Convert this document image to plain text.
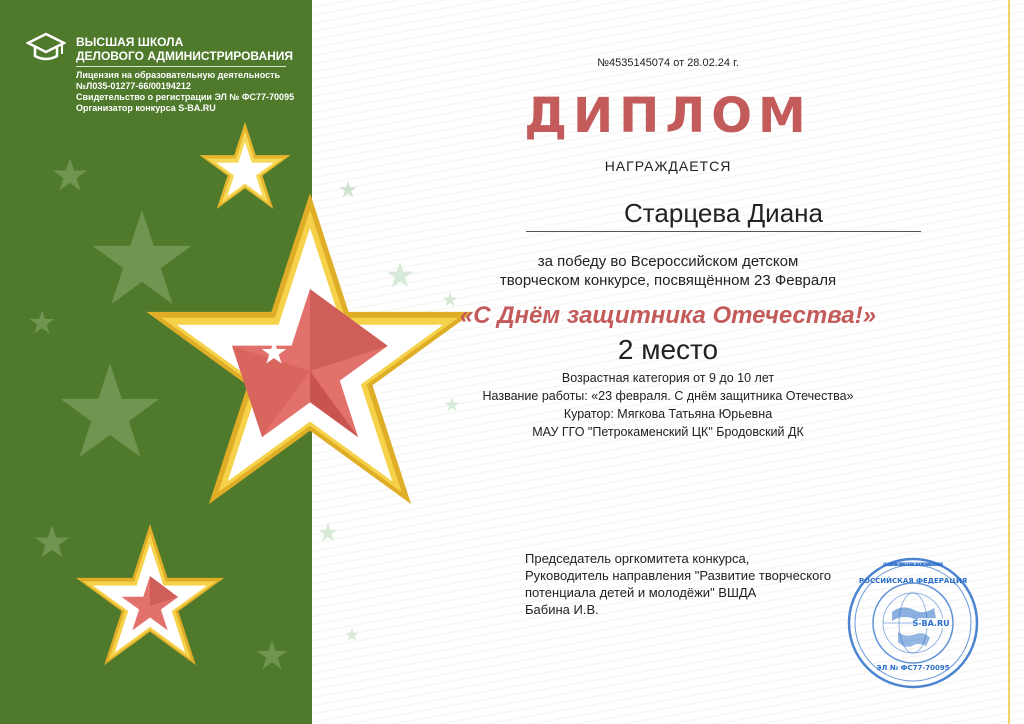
ВЫСШАЯ ШКОЛА
ДЕЛОВОГО АДМИНИСТРИРОВАНИЯ
Лицензия на образовательную деятельность
№Л035-01277-66/00194212
Свидетельство о регистрации ЭЛ № ФС77-70095
Организатор конкурса S-BA.RU
№4535145074 от 28.02.24 г.
ДИПЛОМ
НАГРАЖДАЕТСЯ
Старцева Диана
за победу во Всероссийском детском
творческом конкурсе, посвящённом 23 Февраля
«С Днём защитника Отечества!»
2 место
Возрастная категория от 9 до 10 лет
Название работы: «23 февраля. С днём защитника Отечества»
Куратор: Мягкова Татьяна Юрьевна
МАУ ГГО "Петрокаменский ЦК" Бродовский ДК
Председатель оргкомитета конкурса,
Руководитель направления "Развитие творческого
потенциала детей и молодёжи" ВШДА
Бабина И.В.
S-BA.RU
РОССИЙСКАЯ ФЕДЕРАЦИЯ
ЭЛ № ФС77-70095
ОБЩЕСТВО С ОГРАНИЧЕННОЙ ОТВЕТСТВЕННОСТЬЮ "ВЫСШАЯ ШКОЛА ДЕЛОВОГО АДМИНИСТРИРОВАНИЯ"
